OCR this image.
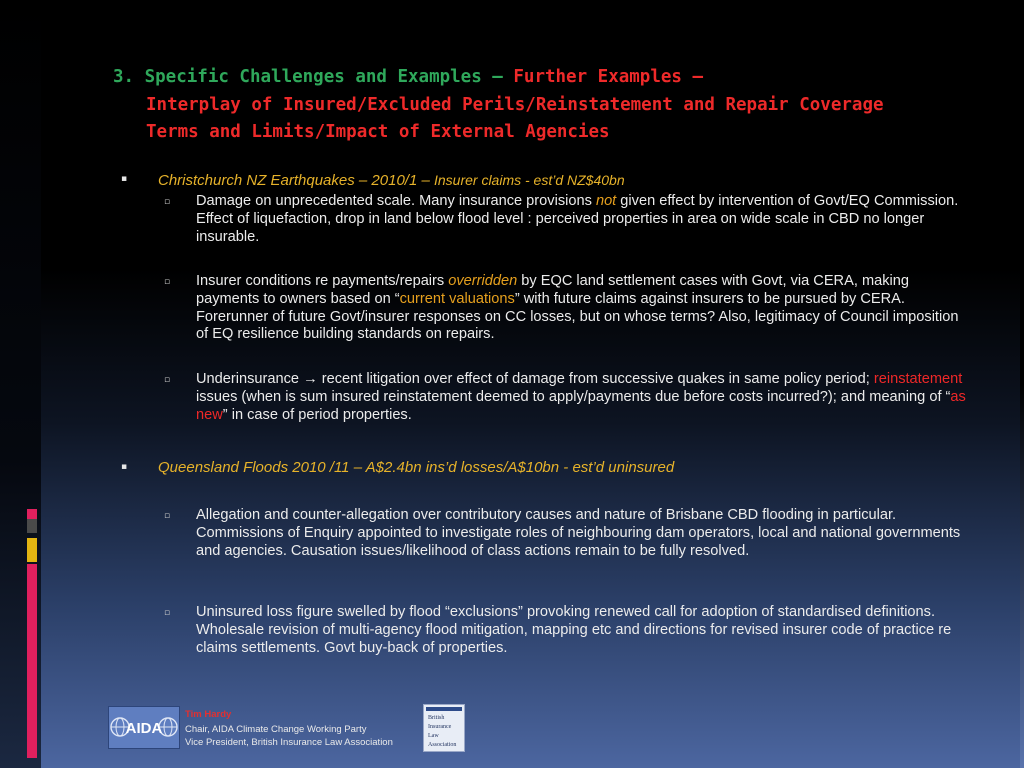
3. Specific Challenges and Examples – Further Examples –
Interplay of Insured/Excluded Perils/Reinstatement and Repair Coverage
Terms and Limits/Impact of External Agencies
▪ Christchurch NZ Earthquakes – 2010/1 – Insurer claims - est’d NZ$40bn
▫ Damage on unprecedented scale. Many insurance provisions not given effect by intervention of Govt/EQ Commission. Effect of liquefaction, drop in land below flood level : perceived properties in area on wide scale in CBD no longer insurable.
▫ Insurer conditions re payments/repairs overridden by EQC land settlement cases with Govt, via CERA, making payments to owners based on “current valuations” with future claims against insurers to be pursued by CERA. Forerunner of future Govt/insurer responses on CC losses, but on whose terms? Also, legitimacy of Council imposition of EQ resilience building standards on repairs.
▫ Underinsurance → recent litigation over effect of damage from successive quakes in same policy period; reinstatement issues (when is sum insured reinstatement deemed to apply/payments due before costs incurred?); and meaning of “as new” in case of period properties.
▪ Queensland Floods 2010 /11 – A$2.4bn ins’d losses/A$10bn - est’d uninsured
▫ Allegation and counter-allegation over contributory causes and nature of Brisbane CBD flooding in particular. Commissions of Enquiry appointed to investigate roles of neighbouring dam operators, local and national governments and agencies. Causation issues/likelihood of class actions remain to be fully resolved.
▫ Uninsured loss figure swelled by flood “exclusions” provoking renewed call for adoption of standardised definitions. Wholesale revision of multi-agency flood mitigation, mapping etc and directions for revised insurer code of practice re claims settlements. Govt buy-back of properties.
AIDA
Tim Hardy
Chair, AIDA Climate Change Working Party
Vice President, British Insurance Law Association
British
Insurance
Law
Association
